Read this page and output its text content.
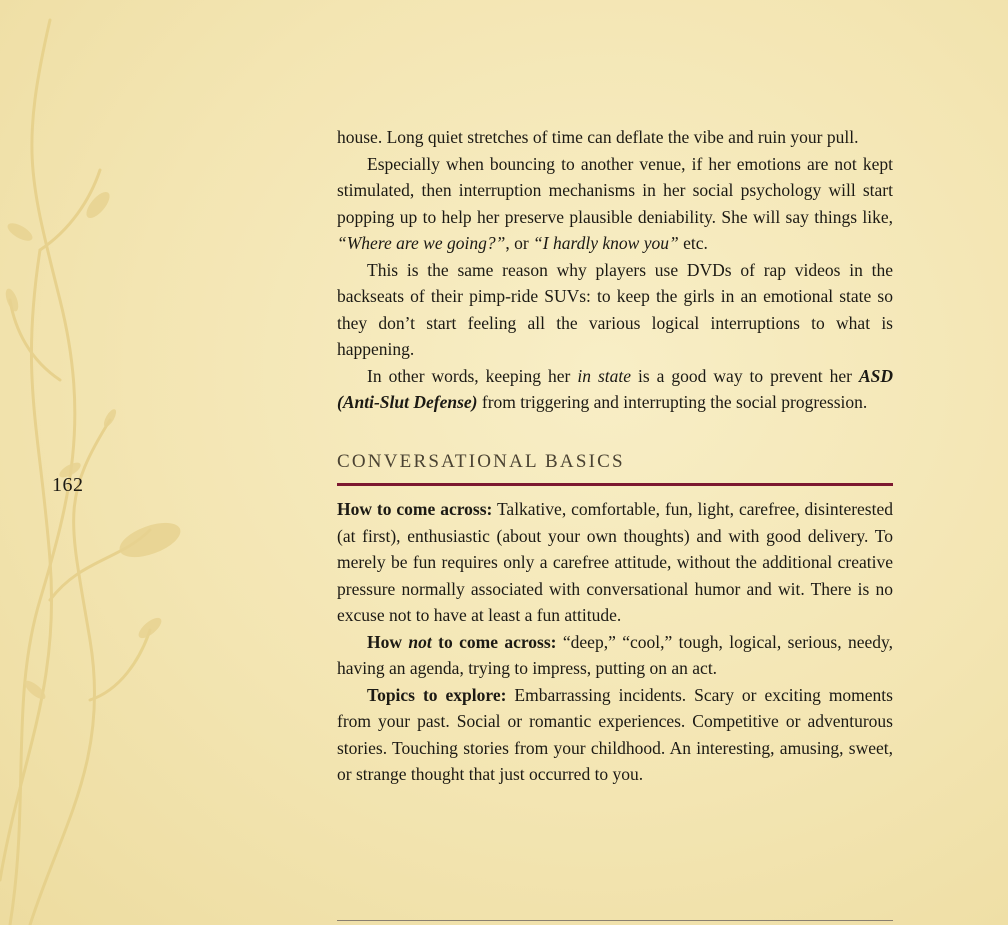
162

house. Long quiet stretches of time can deflate the vibe and ruin your pull.

Especially when bouncing to another venue, if her emotions are not kept stimulated, then interruption mechanisms in her social psychology will start popping up to help her preserve plausible deniability. She will say things like, “Where are we going?”, or “I hardly know you” etc.

This is the same reason why players use DVDs of rap videos in the backseats of their pimp-ride SUVs: to keep the girls in an emotional state so they don’t start feeling all the various logical interruptions to what is happening.

In other words, keeping her in state is a good way to prevent her ASD (Anti-Slut Defense) from triggering and interrupting the social progression.

CONVERSATIONAL BASICS

How to come across: Talkative, comfortable, fun, light, carefree, disinterested (at first), enthusiastic (about your own thoughts) and with good delivery. To merely be fun requires only a carefree attitude, without the additional creative pressure normally associated with conversational humor and wit. There is no excuse not to have at least a fun attitude.

How not to come across: “deep,” “cool,” tough, logical, serious, needy, having an agenda, trying to impress, putting on an act.

Topics to explore: Embarrassing incidents. Scary or exciting moments from your past. Social or romantic experiences. Competitive or adventurous stories. Touching stories from your childhood. An interesting, amusing, sweet, or strange thought that just occurred to you.
